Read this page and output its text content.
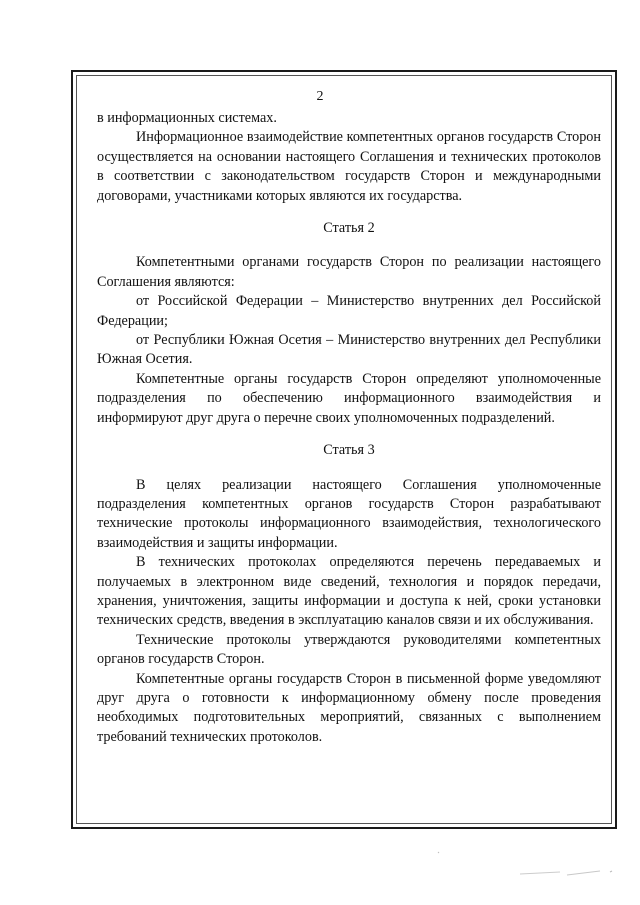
2

в информационных системах.

Информационное взаимодействие компетентных органов государств Сторон осуществляется на основании настоящего Соглашения и технических протоколов в соответствии с законодательством государств Сторон и международными договорами, участниками которых являются их государства.

Статья 2

Компетентными органами государств Сторон по реализации настоящего Соглашения являются:

от Российской Федерации – Министерство внутренних дел Российской Федерации;

от Республики Южная Осетия – Министерство внутренних дел Республики Южная Осетия.

Компетентные органы государств Сторон определяют уполномоченные подразделения по обеспечению информационного взаимодействия и информируют друг друга о перечне своих уполномоченных подразделений.

Статья 3

В целях реализации настоящего Соглашения уполномоченные подразделения компетентных органов государств Сторон разрабатывают технические протоколы информационного взаимодействия, технологического взаимодействия и защиты информации.

В технических протоколах определяются перечень передаваемых и получаемых в электронном виде сведений, технология и порядок передачи, хранения, уничтожения, защиты информации и доступа к ней, сроки установки технических средств, введения в эксплуатацию каналов связи и их обслуживания.

Технические протоколы утверждаются руководителями компетентных органов государств Сторон.

Компетентные органы государств Сторон в письменной форме уведомляют друг друга о готовности к информационному обмену после проведения необходимых подготовительных мероприятий, связанных с выполнением требований технических протоколов.
